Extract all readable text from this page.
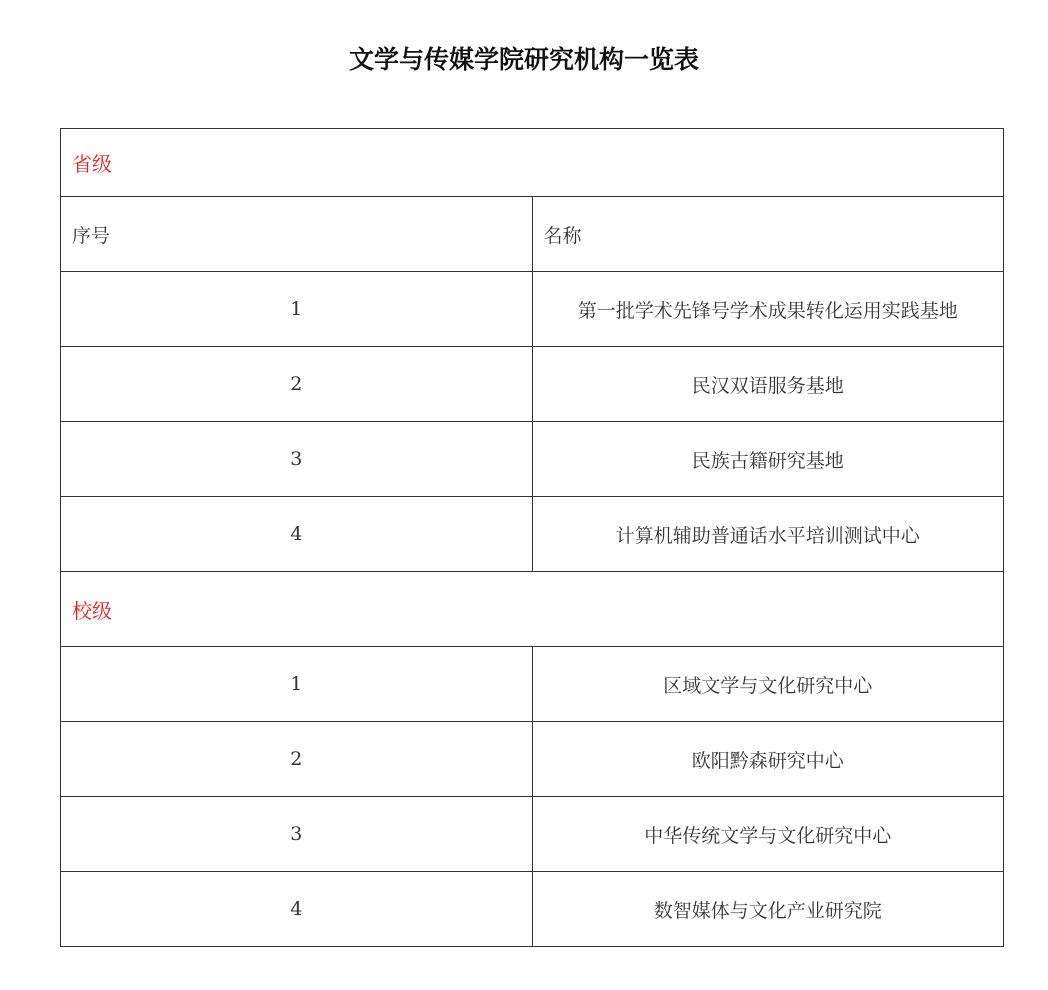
文学与传媒学院研究机构一览表
省级	
序号	名称
1	第一批学术先锋号学术成果转化运用实践基地
2	民汉双语服务基地
3	民族古籍研究基地
4	计算机辅助普通话水平培训测试中心
校级	
1	区域文学与文化研究中心
2	欧阳黔森研究中心
3	中华传统文学与文化研究中心
4	数智媒体与文化产业研究院
